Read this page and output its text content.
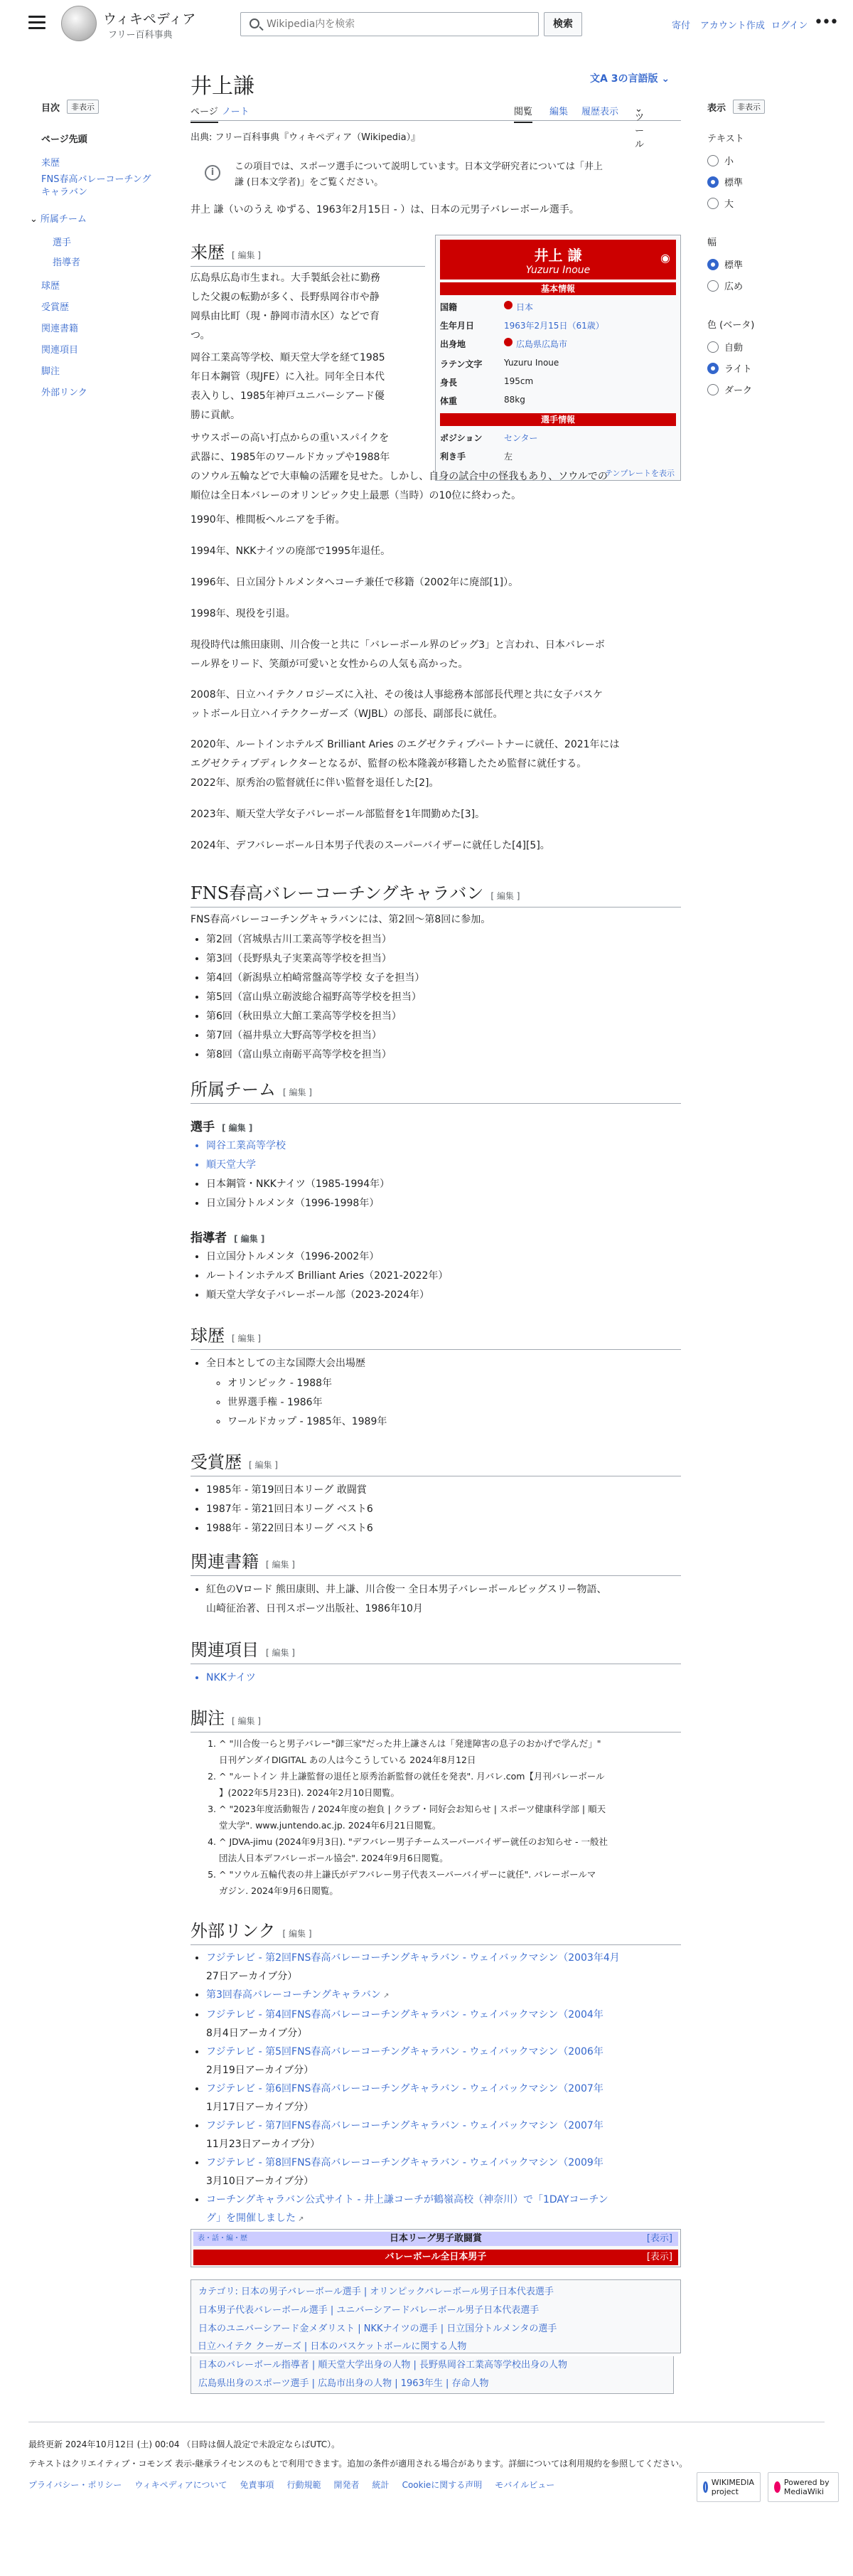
ウィキペディア
フリー百科事典
Wikipedia内を検索
検索	寄付 アカウント作成 ログイン •••
目次	非表示
ページ先頭
来歴
FNS春高バレーコーチングキャラバン
⌄ 所属チーム
選手
指導者
球歴
受賞歴
関連書籍
関連項目
脚注
外部リンク
井上謙	文A 3の言語版 ⌄
ページ ノート	閲覧 編集 履歴表示
ツール
⌄
出典: フリー百科事典『ウィキペディア（Wikipedia）』
表示	非表示
テキスト
小
標準
大
幅
標準
広め
色 (ベータ)
自動
ライト
ダーク
i
この項目では、スポーツ選手について説明しています。日本文学研究者については「井上
謙 (日本文学者)」をご覧ください。
井上 謙（いのうえ ゆずる、1963年2月15日 - ）は、日本の元男子バレーボール選手。
井上 謙
Yuzuru Inoue
◉
基本情報
国籍	日本
生年月日	1963年2月15日（61歳）
出身地	広島県広島市
ラテン文字	Yuzuru Inoue
身長	195cm
体重	88kg
選手情報
ポジション	センター
利き手	左
テンプレートを表示
来歴 [ 編集 ]

広島県広島市生まれ。大手製紙会社に勤務

した父親の転勤が多く、長野県岡谷市や静

岡県由比町（現・静岡市清水区）などで育

つ。

岡谷工業高等学校、順天堂大学を経て1985

年日本鋼管（現JFE）に入社。同年全日本代

表入りし、1985年神戸ユニバーシアード優

勝に貢献。

サウスポーの高い打点からの重いスパイクを

武器に、1985年のワールドカップや1988年

のソウル五輪などで大車輪の活躍を見せた。しかし、自身の試合中の怪我もあり、ソウルでの

順位は全日本バレーのオリンピック史上最悪（当時）の10位に終わった。

1990年、椎間板ヘルニアを手術。
1994年、NKKナイツの廃部で1995年退任。
1996年、日立国分トルメンタへコーチ兼任で移籍（2002年に廃部[1]）。
1998年、現役を引退。

現役時代は熊田康則、川合俊一と共に「バレーボール界のビッグ3」と言われ、日本バレーボ

ール界をリード、笑顔が可愛いと女性からの人気も高かった。

2008年、日立ハイテクノロジーズに入社、その後は人事総務本部部長代理と共に女子バスケ

ットボール日立ハイテククーガーズ（WJBL）の部長、副部長に就任。

2020年、ルートインホテルズ Brilliant Aries のエグゼクティブパートナーに就任、2021年には

エグゼクティブディレクターとなるが、監督の松本隆義が移籍したため監督に就任する。

2022年、原秀治の監督就任に伴い監督を退任した[2]。

2023年、順天堂大学女子バレーボール部監督を1年間勤めた[3]。
2024年、デフバレーボール日本男子代表のスーパーバイザーに就任した[4][5]。
FNS春高バレーコーチングキャラバン [ 編集 ]
FNS春高バレーコーチングキャラバンには、第2回〜第8回に参加。
• 第2回（宮城県古川工業高等学校を担当）
• 第3回（長野県丸子実業高等学校を担当）
• 第4回（新潟県立柏崎常盤高等学校 女子を担当）
• 第5回（富山県立砺波総合福野高等学校を担当）
• 第6回（秋田県立大館工業高等学校を担当）
• 第7回（福井県立大野高等学校を担当）
• 第8回（富山県立南砺平高等学校を担当）
所属チーム [ 編集 ]
選手 [ 編集 ]
• 岡谷工業高等学校
• 順天堂大学
• 日本鋼管・NKKナイツ（1985-1994年）
• 日立国分トルメンタ（1996-1998年）
指導者 [ 編集 ]
• 日立国分トルメンタ（1996-2002年）
• ルートインホテルズ Brilliant Aries（2021-2022年）
• 順天堂大学女子バレーボール部（2023-2024年）
球歴 [ 編集 ]
• 全日本としての主な国際大会出場歴
◦ オリンピック - 1988年
◦ 世界選手権 - 1986年
◦ ワールドカップ - 1985年、1989年
受賞歴 [ 編集 ]
• 1985年 - 第19回日本リーグ 敢闘賞
• 1987年 - 第21回日本リーグ ベスト6
• 1988年 - 第22回日本リーグ ベスト6
関連書籍 [ 編集 ]
• 紅色のVロード 熊田康則、井上謙、川合俊一 全日本男子バレーボールビッグスリー物語、
山崎征治著、日刊スポーツ出版社、1986年10月
関連項目 [ 編集 ]
• NKKナイツ
脚注 [ 編集 ]
1. ^ "川合俊一らと男子バレー"御三家"だった井上謙さんは「発達障害の息子のおかげで学んだ」"
日刊ゲンダイDIGITAL あの人は今こうしている 2024年8月12日
2. ^ "ルートイン 井上謙監督の退任と原秀治新監督の就任を発表". 月バレ.com【月刊バレーボール
】(2022年5月23日). 2024年2月10日閲覧。
3. ^ "2023年度活動報告 / 2024年度の抱負 | クラブ・同好会お知らせ | スポーツ健康科学部 | 順天
堂大学". www.juntendo.ac.jp. 2024年6月21日閲覧。
4. ^ JDVA-jimu (2024年9月3日). "デフバレー男子チームスーパーバイザー就任のお知らせ - 一般社
団法人日本デフバレーボール協会". 2024年9月6日閲覧。
5. ^ "ソウル五輪代表の井上謙氏がデフバレー男子代表スーパーバイザーに就任". バレーボールマ
ガジン. 2024年9月6日閲覧。
外部リンク [ 編集 ]
• フジテレビ - 第2回FNS春高バレーコーチングキャラバン - ウェイバックマシン（2003年4月
27日アーカイブ分）
• 第3回春高バレーコーチングキャラバン ↗
• フジテレビ - 第4回FNS春高バレーコーチングキャラバン - ウェイバックマシン（2004年
8月4日アーカイブ分）
• フジテレビ - 第5回FNS春高バレーコーチングキャラバン - ウェイバックマシン（2006年
2月19日アーカイブ分）
• フジテレビ - 第6回FNS春高バレーコーチングキャラバン - ウェイバックマシン（2007年
1月17日アーカイブ分）
• フジテレビ - 第7回FNS春高バレーコーチングキャラバン - ウェイバックマシン（2007年
11月23日アーカイブ分）
• フジテレビ - 第8回FNS春高バレーコーチングキャラバン - ウェイバックマシン（2009年
3月10日アーカイブ分）
• コーチングキャラバン公式サイト - 井上謙コーチが鶴嶺高校（神奈川）で「1DAYコーチン
グ」を開催しました ↗
表・話・編・歴	日本リーグ男子敢闘賞	[表示]
バレーボール全日本男子	[表示]
カテゴリ: 日本の男子バレーボール選手 | オリンピックバレーボール男子日本代表選手
日本男子代表バレーボール選手 | ユニバーシアードバレーボール男子日本代表選手
日本のユニバーシアード金メダリスト | NKKナイツの選手 | 日立国分トルメンタの選手
日立ハイテク クーガーズ | 日本のバスケットボールに関する人物
日本のバレーボール指導者 | 順天堂大学出身の人物 | 長野県岡谷工業高等学校出身の人物
広島県出身のスポーツ選手 | 広島市出身の人物 | 1963年生 | 存命人物
最終更新 2024年10月12日 (土) 00:04 （日時は個人設定で未設定ならばUTC）。
テキストはクリエイティブ・コモンズ 表示-継承ライセンスのもとで利用できます。追加の条件が適用される場合があります。詳細については利用規約を参照してください。
プライバシー・ポリシー ウィキペディアについて 免責事項 行動規範 開発者 統計 Cookieに関する声明 モバイルビュー	WIKIMEDIA project
Powered by MediaWiki
